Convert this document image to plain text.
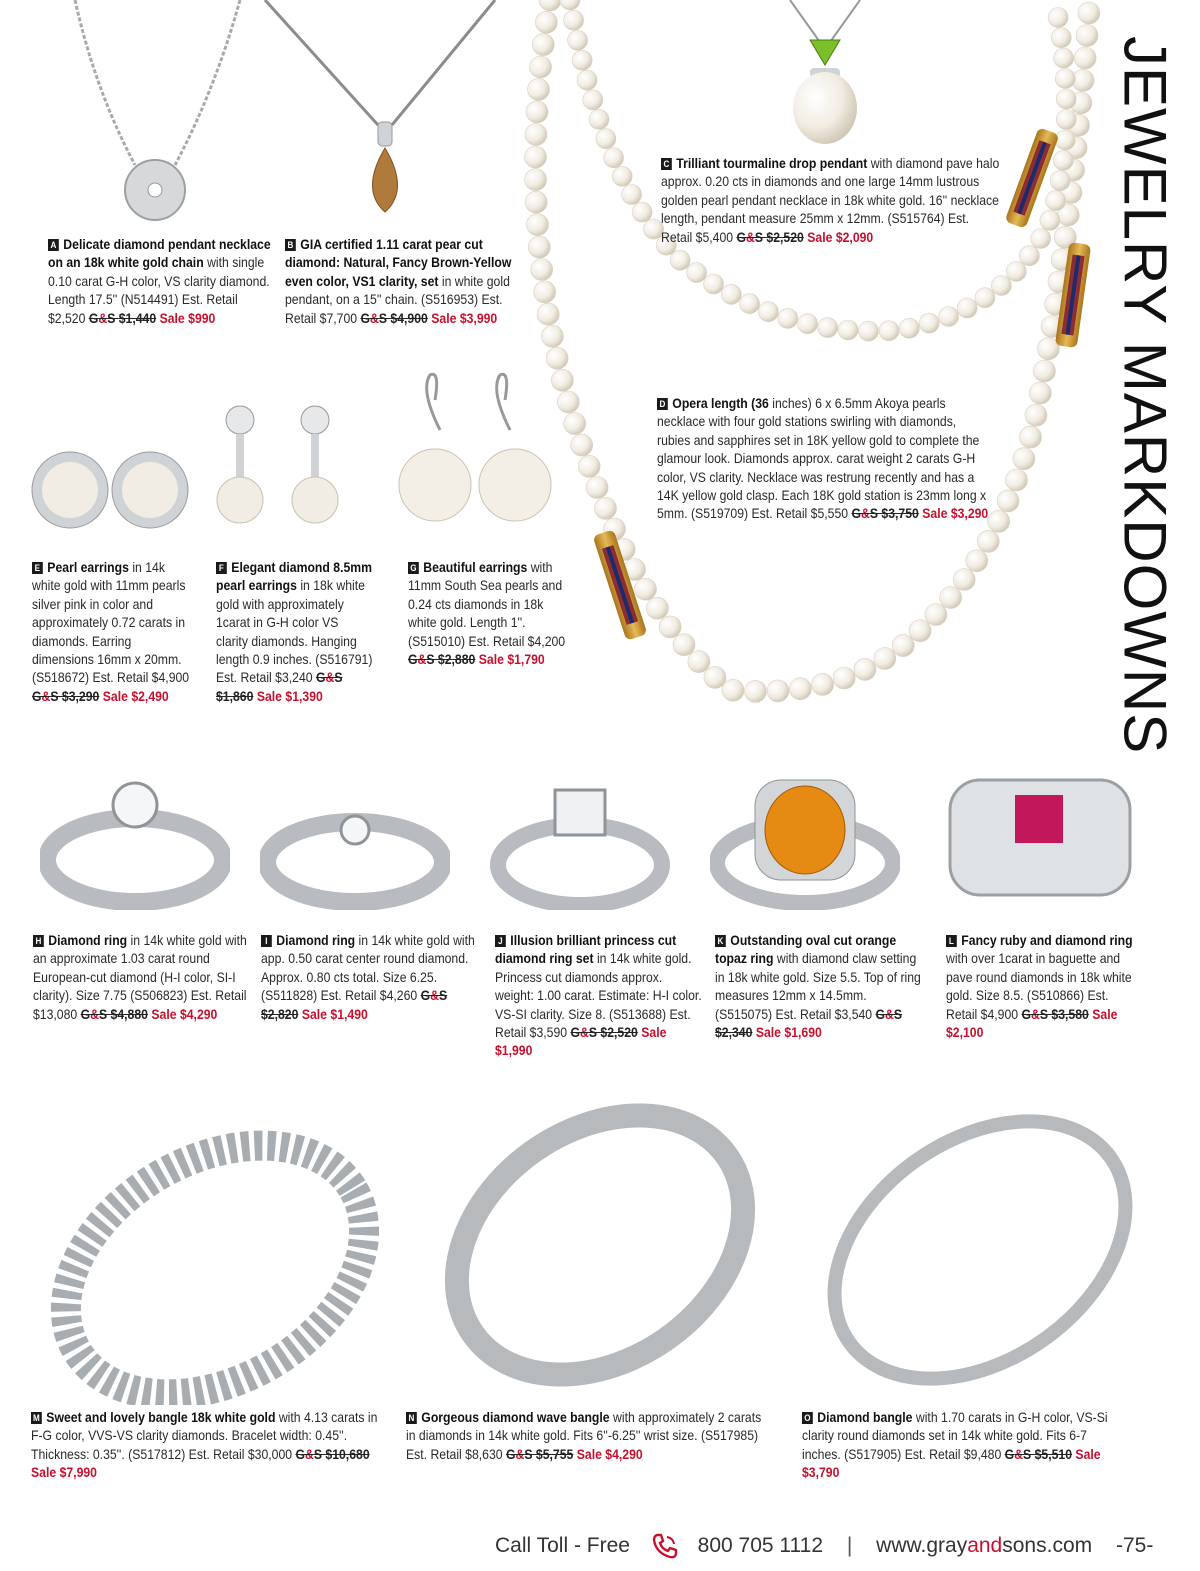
JEWELRY MARKDOWNS
A Delicate diamond pendant necklace on an 18k white gold chain with single 0.10 carat G-H color, VS clarity diamond. Length 17.5'' (N514491) Est. Retail $2,520 G&S $1,440 Sale $990
B GIA certified 1.11 carat pear cut diamond: Natural, Fancy Brown-Yellow even color, VS1 clarity, set in white gold pendant, on a 15'' chain. (S516953) Est. Retail $7,700 G&S $4,900 Sale $3,990
C Trilliant tourmaline drop pendant with diamond pave halo approx. 0.20 cts in diamonds and one large 14mm lustrous golden pearl pendant necklace in 18k white gold. 16'' necklace length, pendant measure 25mm x 12mm. (S515764) Est. Retail $5,400 G&S $2,520 Sale $2,090
D Opera length (36 inches) 6 x 6.5mm Akoya pearls necklace with four gold stations swirling with diamonds, rubies and sapphires set in 18K yellow gold to complete the glamour look. Diamonds approx. carat weight 2 carats G-H color, VS clarity. Necklace was restrung recently and has a 14K yellow gold clasp. Each 18K gold station is 23mm long x 5mm. (S519709) Est. Retail $5,550 G&S $3,750 Sale $3,290
E Pearl earrings in 14k white gold with 11mm pearls silver pink in color and approximately 0.72 carats in diamonds. Earring dimensions 16mm x 20mm. (S518672) Est. Retail $4,900 G&S $3,290 Sale $2,490
F Elegant diamond 8.5mm pearl earrings in 18k white gold with approximately 1carat in G-H color VS clarity diamonds. Hanging length 0.9 inches. (S516791) Est. Retail $3,240 G&S $1,860 Sale $1,390
G Beautiful earrings with 11mm South Sea pearls and 0.24 cts diamonds in 18k white gold. Length 1''. (S515010) Est. Retail $4,200 G&S $2,880 Sale $1,790
H Diamond ring in 14k white gold with an approximate 1.03 carat round European-cut diamond (H-I color, SI-I clarity). Size 7.75 (S506823) Est. Retail $13,080 G&S $4,880 Sale $4,290
I Diamond ring in 14k white gold with app. 0.50 carat center round diamond. Approx. 0.80 cts total. Size 6.25. (S511828) Est. Retail $4,260 G&S $2,820 Sale $1,490
J Illusion brilliant princess cut diamond ring set in 14k white gold. Princess cut diamonds approx. weight: 1.00 carat. Estimate: H-I color. VS-SI clarity. Size 8. (S513688) Est. Retail $3,590 G&S $2,520 Sale $1,990
K Outstanding oval cut orange topaz ring with diamond claw setting in 18k white gold. Size 5.5. Top of ring measures 12mm x 14.5mm. (S515075) Est. Retail $3,540 G&S $2,340 Sale $1,690
L Fancy ruby and diamond ring with over 1carat in baguette and pave round diamonds in 18k white gold. Size 8.5. (S510866) Est. Retail $4,900 G&S $3,580 Sale $2,100
M Sweet and lovely bangle 18k white gold with 4.13 carats in F-G color, VVS-VS clarity diamonds. Bracelet width: 0.45''. Thickness: 0.35''. (S517812) Est. Retail $30,000 G&S $10,680 Sale $7,990
N Gorgeous diamond wave bangle with approximately 2 carats in diamonds in 14k white gold. Fits 6''-6.25'' wrist size. (S517985) Est. Retail $8,630 G&S $5,755 Sale $4,290
O Diamond bangle with 1.70 carats in G-H color, VS-Si clarity round diamonds set in 14k white gold. Fits 6-7 inches. (S517905) Est. Retail $9,480 G&S $5,510 Sale $3,790
Call Toll - Free	800 705 1112 | www.grayandsons.com -75-
